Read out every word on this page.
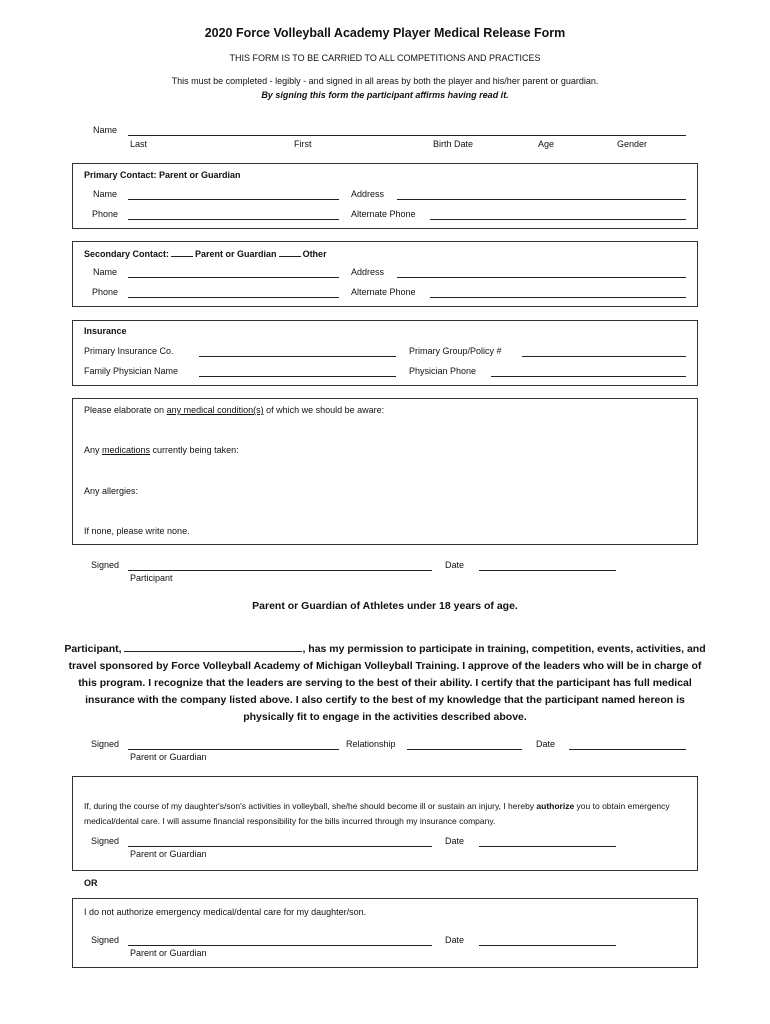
2020 Force Volleyball Academy Player Medical Release Form
THIS FORM IS TO BE CARRIED TO ALL COMPETITIONS AND PRACTICES
This must be completed - legibly - and signed in all areas by both the player and his/her parent or guardian.
By signing this form the participant affirms having read it.
Name
Last	First	Birth Date	Age	Gender
Primary Contact: Parent or Guardian
Name	Address
Phone	Alternate Phone
Secondary Contact:	Parent or Guardian	Other
Name	Address
Phone	Alternate Phone
Insurance
Primary Insurance Co.	Primary Group/Policy #
Family Physician Name	Physician Phone
Please elaborate on any medical condition(s) of which we should be aware:
Any medications currently being taken:
Any allergies:
If none, please write none.
Signed	Date
Participant
Parent or Guardian of Athletes under 18 years of age.
Participant,	, has my permission to participate in training, competition, events, activities, and travel sponsored by Force Volleyball Academy of Michigan Volleyball Training. I approve of the leaders who will be in charge of this program. I recognize that the leaders are serving to the best of their ability. I certify that the participant has full medical insurance with the company listed above. I also certify to the best of my knowledge that the participant named hereon is physically fit to engage in the activities described above.
Signed	Relationship	Date
Parent or Guardian
If, during the course of my daughter's/son's activities in volleyball, she/he should become ill or sustain an injury, I hereby authorize you to obtain emergency medical/dental care. I will assume financial responsibility for the bills incurred through my insurance company.
Signed	Date
Parent or Guardian
OR
I do not authorize emergency medical/dental care for my daughter/son.
Signed	Date
Parent or Guardian
